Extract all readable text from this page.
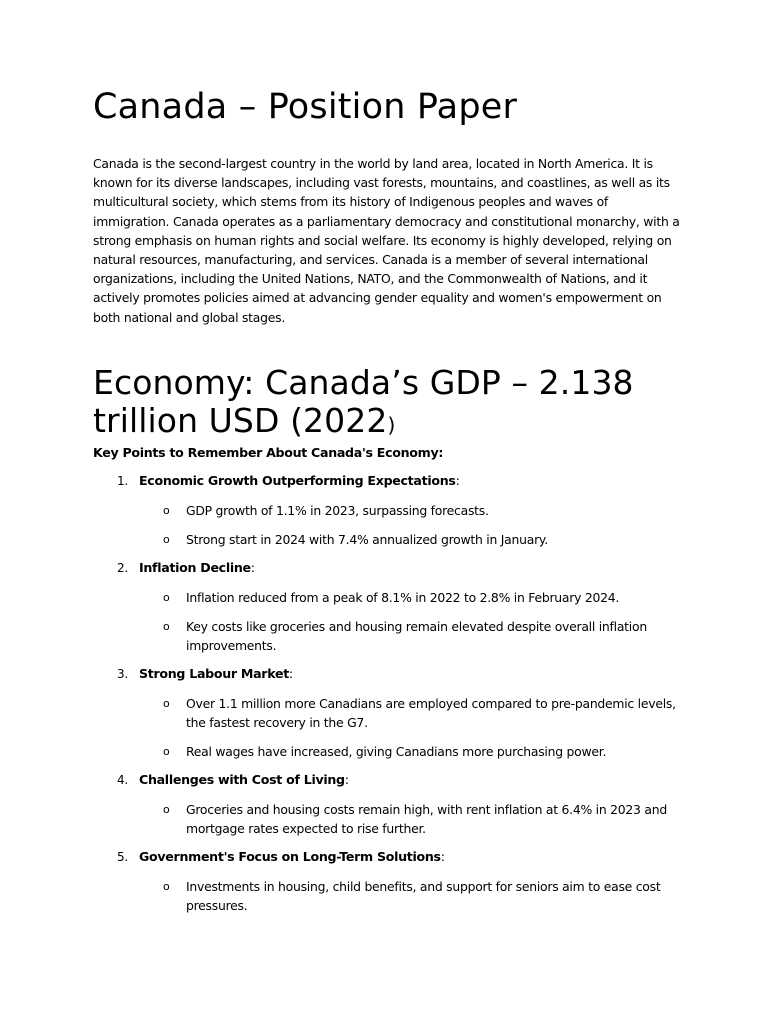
Canada – Position Paper

Canada is the second-largest country in the world by land area, located in North America. It is known for its diverse landscapes, including vast forests, mountains, and coastlines, as well as its multicultural society, which stems from its history of Indigenous peoples and waves of immigration. Canada operates as a parliamentary democracy and constitutional monarchy, with a strong emphasis on human rights and social welfare. Its economy is highly developed, relying on natural resources, manufacturing, and services. Canada is a member of several international organizations, including the United Nations, NATO, and the Commonwealth of Nations, and it actively promotes policies aimed at advancing gender equality and women's empowerment on both national and global stages.

Economy: Canada’s GDP – 2.138 trillion USD (2022)
Key Points to Remember About Canada's Economy:
1. Economic Growth Outperforming Expectations:
o GDP growth of 1.1% in 2023, surpassing forecasts.
o Strong start in 2024 with 7.4% annualized growth in January.
2. Inflation Decline:
o Inflation reduced from a peak of 8.1% in 2022 to 2.8% in February 2024.
o Key costs like groceries and housing remain elevated despite overall inflation improvements.
3. Strong Labour Market:
o Over 1.1 million more Canadians are employed compared to pre-pandemic levels, the fastest recovery in the G7.
o Real wages have increased, giving Canadians more purchasing power.
4. Challenges with Cost of Living:
o Groceries and housing costs remain high, with rent inflation at 6.4% in 2023 and mortgage rates expected to rise further.
5. Government's Focus on Long-Term Solutions:
o Investments in housing, child benefits, and support for seniors aim to ease cost pressures.
